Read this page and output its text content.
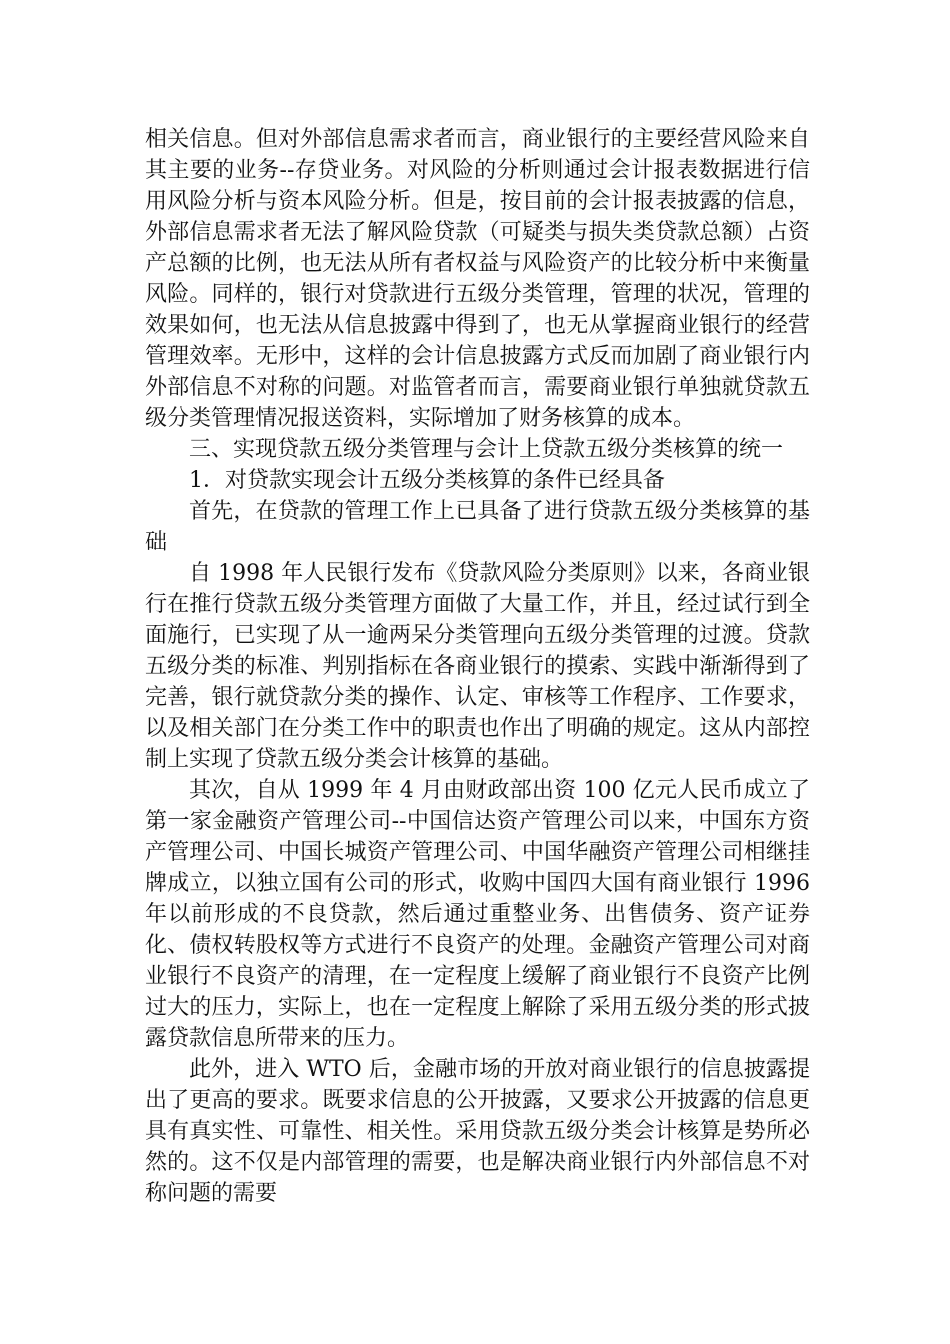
相关信息。但对外部信息需求者而言，商业银行的主要经营风险来自其主要的业务--存贷业务。对风险的分析则通过会计报表数据进行信用风险分析与资本风险分析。但是，按目前的会计报表披露的信息，外部信息需求者无法了解风险贷款（可疑类与损失类贷款总额）占资产总额的比例，也无法从所有者权益与风险资产的比较分析中来衡量风险。同样的，银行对贷款进行五级分类管理，管理的状况，管理的效果如何，也无法从信息披露中得到了，也无从掌握商业银行的经营管理效率。无形中，这样的会计信息披露方式反而加剧了商业银行内外部信息不对称的问题。对监管者而言，需要商业银行单独就贷款五级分类管理情况报送资料，实际增加了财务核算的成本。

三、实现贷款五级分类管理与会计上贷款五级分类核算的统一

1．对贷款实现会计五级分类核算的条件已经具备

首先，在贷款的管理工作上已具备了进行贷款五级分类核算的基础

自 1998 年人民银行发布《贷款风险分类原则》以来，各商业银行在推行贷款五级分类管理方面做了大量工作，并且，经过试行到全面施行，已实现了从一逾两呆分类管理向五级分类管理的过渡。贷款五级分类的标准、判别指标在各商业银行的摸索、实践中渐渐得到了完善，银行就贷款分类的操作、认定、审核等工作程序、工作要求，以及相关部门在分类工作中的职责也作出了明确的规定。这从内部控制上实现了贷款五级分类会计核算的基础。

其次，自从 1999 年 4 月由财政部出资 100 亿元人民币成立了第一家金融资产管理公司--中国信达资产管理公司以来，中国东方资产管理公司、中国长城资产管理公司、中国华融资产管理公司相继挂牌成立，以独立国有公司的形式，收购中国四大国有商业银行 1996 年以前形成的不良贷款，然后通过重整业务、出售债务、资产证券化、债权转股权等方式进行不良资产的处理。金融资产管理公司对商业银行不良资产的清理，在一定程度上缓解了商业银行不良资产比例过大的压力，实际上，也在一定程度上解除了采用五级分类的形式披露贷款信息所带来的压力。

此外，进入 WTO 后，金融市场的开放对商业银行的信息披露提出了更高的要求。既要求信息的公开披露，又要求公开披露的信息更具有真实性、可靠性、相关性。采用贷款五级分类会计核算是势所必然的。这不仅是内部管理的需要，也是解决商业银行内外部信息不对称问题的需要
